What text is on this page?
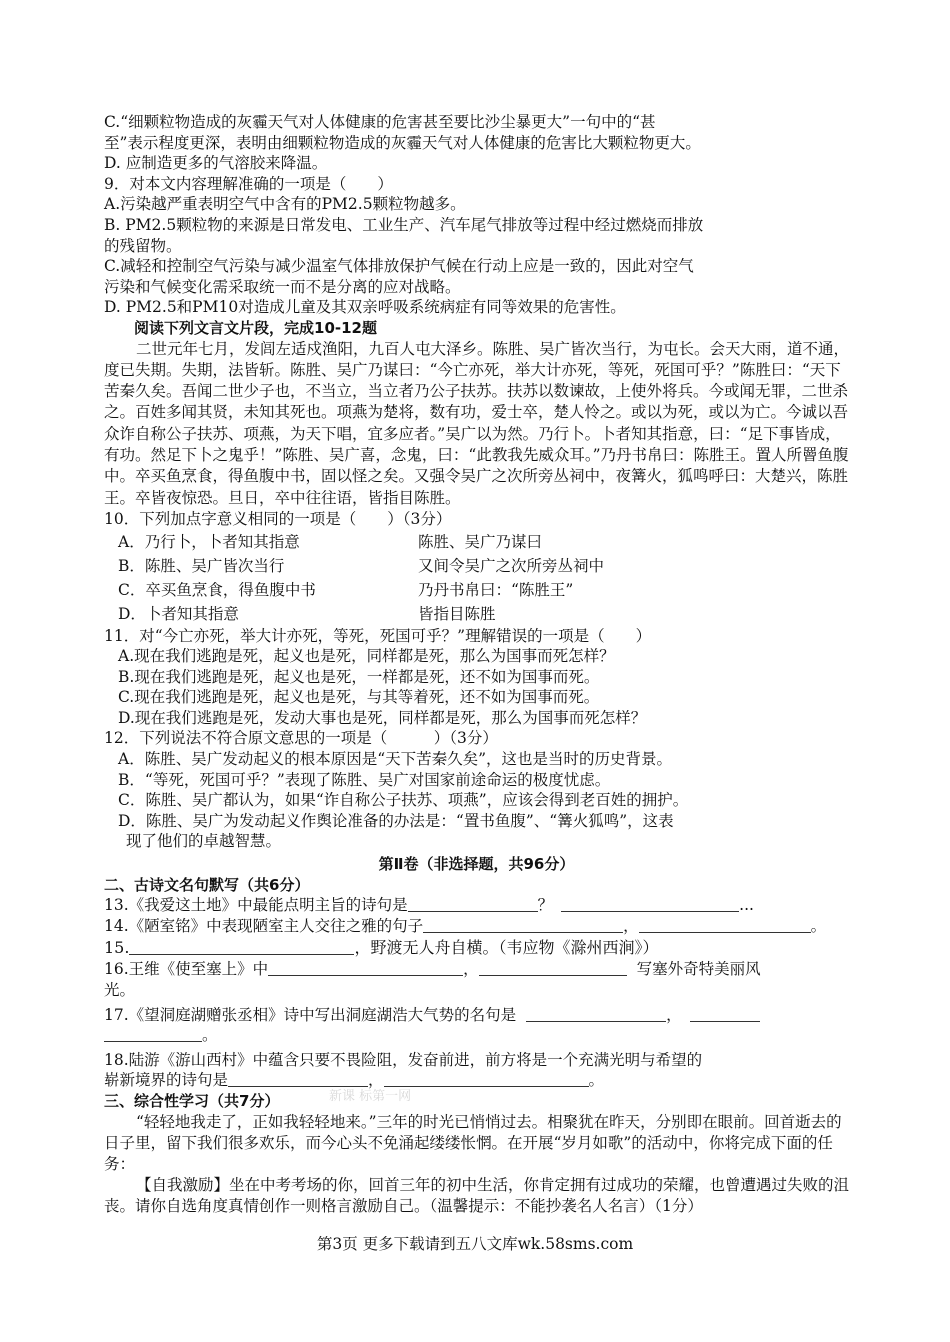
C.“细颗粒物造成的灰霾天气对人体健康的危害甚至要比沙尘暴更大”一句中的“甚
至”表示程度更深，表明由细颗粒物造成的灰霾天气对人体健康的危害比大颗粒物更大。
D. 应制造更多的气溶胶来降温。
9．对本文内容理解准确的一项是（　　）
A.污染越严重表明空气中含有的PM2.5颗粒物越多。
B. PM2.5颗粒物的来源是日常发电、工业生产、汽车尾气排放等过程中经过燃烧而排放
的残留物。
C.减轻和控制空气污染与减少温室气体排放保护气候在行动上应是一致的，因此对空气
污染和气候变化需采取统一而不是分离的应对战略。
D. PM2.5和PM10对造成儿童及其双亲呼吸系统病症有同等效果的危害性。
阅读下列文言文片段，完成10-12题
二世元年七月，发闾左适戍渔阳，九百人屯大泽乡。陈胜、吴广皆次当行，为屯长。会天大雨，道不通，度已失期。失期，法皆斩。陈胜、吴广乃谋曰：“今亡亦死，举大计亦死，等死，死国可乎？”陈胜曰：“天下苦秦久矣。吾闻二世少子也，不当立，当立者乃公子扶苏。扶苏以数谏故，上使外将兵。今或闻无罪，二世杀之。百姓多闻其贤，未知其死也。项燕为楚将，数有功，爱士卒，楚人怜之。或以为死，或以为亡。今诚以吾众诈自称公子扶苏、项燕，为天下唱，宜多应者。”吴广以为然。乃行卜。卜者知其指意，曰：“足下事皆成，有功。然足下卜之鬼乎！”陈胜、吴广喜，念鬼，曰：“此教我先威众耳。”乃丹书帛曰：陈胜王。置人所罾鱼腹中。卒买鱼烹食，得鱼腹中书，固以怪之矣。又强令吴广之次所旁丛祠中，夜篝火，狐鸣呼曰：大楚兴，陈胜王。卒皆夜惊恐。旦日，卒中往往语，皆指目陈胜。
10．下列加点字意义相同的一项是（　　）（3分）
A．乃行卜，卜者知其指意	陈胜、吴广乃谋曰
B．陈胜、吴广皆次当行	又间令吴广之次所旁丛祠中
C．卒买鱼烹食，得鱼腹中书	乃丹书帛曰：“陈胜王”
D．卜者知其指意	皆指目陈胜
11．对“今亡亦死，举大计亦死，等死，死国可乎？”理解错误的一项是（　　）
A.现在我们逃跑是死，起义也是死，同样都是死，那么为国事而死怎样？
B.现在我们逃跑是死，起义也是死，一样都是死，还不如为国事而死。
C.现在我们逃跑是死，起义也是死，与其等着死，还不如为国事而死。
D.现在我们逃跑是死，发动大事也是死，同样都是死，那么为国事而死怎样？
12．下列说法不符合原文意思的一项是（　　　）（3分）
A．陈胜、吴广发动起义的根本原因是“天下苦秦久矣”，这也是当时的历史背景。
B．“等死，死国可乎？”表现了陈胜、吴广对国家前途命运的极度忧虑。
C．陈胜、吴广都认为，如果“诈自称公子扶苏、项燕”，应该会得到老百姓的拥护。
D．陈胜、吴广为发动起义作舆论准备的办法是：“置书鱼腹”、“篝火狐鸣”，这表
现了他们的卓越智慧。
第Ⅱ卷（非选择题，共96分）
二、古诗文名句默写（共6分）
13.《我爱这土地》中最能点明主旨的诗句是	？	...
14.《陋室铭》中表现陋室主人交往之雅的句子	，	。
15.	，野渡无人舟自横。（韦应物《滁州西涧》）
16.王维《使至塞上》中	，	写塞外奇特美丽风
光。
17.《望洞庭湖赠张丞相》诗中写出洞庭湖浩大气势的名句是	，
。
18.陆游《游山西村》中蕴含只要不畏险阻，发奋前进，前方将是一个充满光明与希望的
崭新境界的诗句是	，	。
三、综合性学习（共7分）	新课 标第一网
“轻轻地我走了，正如我轻轻地来。”三年的时光已悄悄过去。相聚犹在昨天，分别即在眼前。回首逝去的日子里，留下我们很多欢乐，而今心头不免涌起缕缕怅惘。在开展“岁月如歌”的活动中，你将完成下面的任务：
【自我激励】坐在中考考场的你，回首三年的初中生活，你肯定拥有过成功的荣耀，也曾遭遇过失败的沮丧。请你自选角度真情创作一则格言激励自己。（温馨提示：不能抄袭名人名言）（1分）
第3页 更多下载请到五八文库wk.58sms.com
